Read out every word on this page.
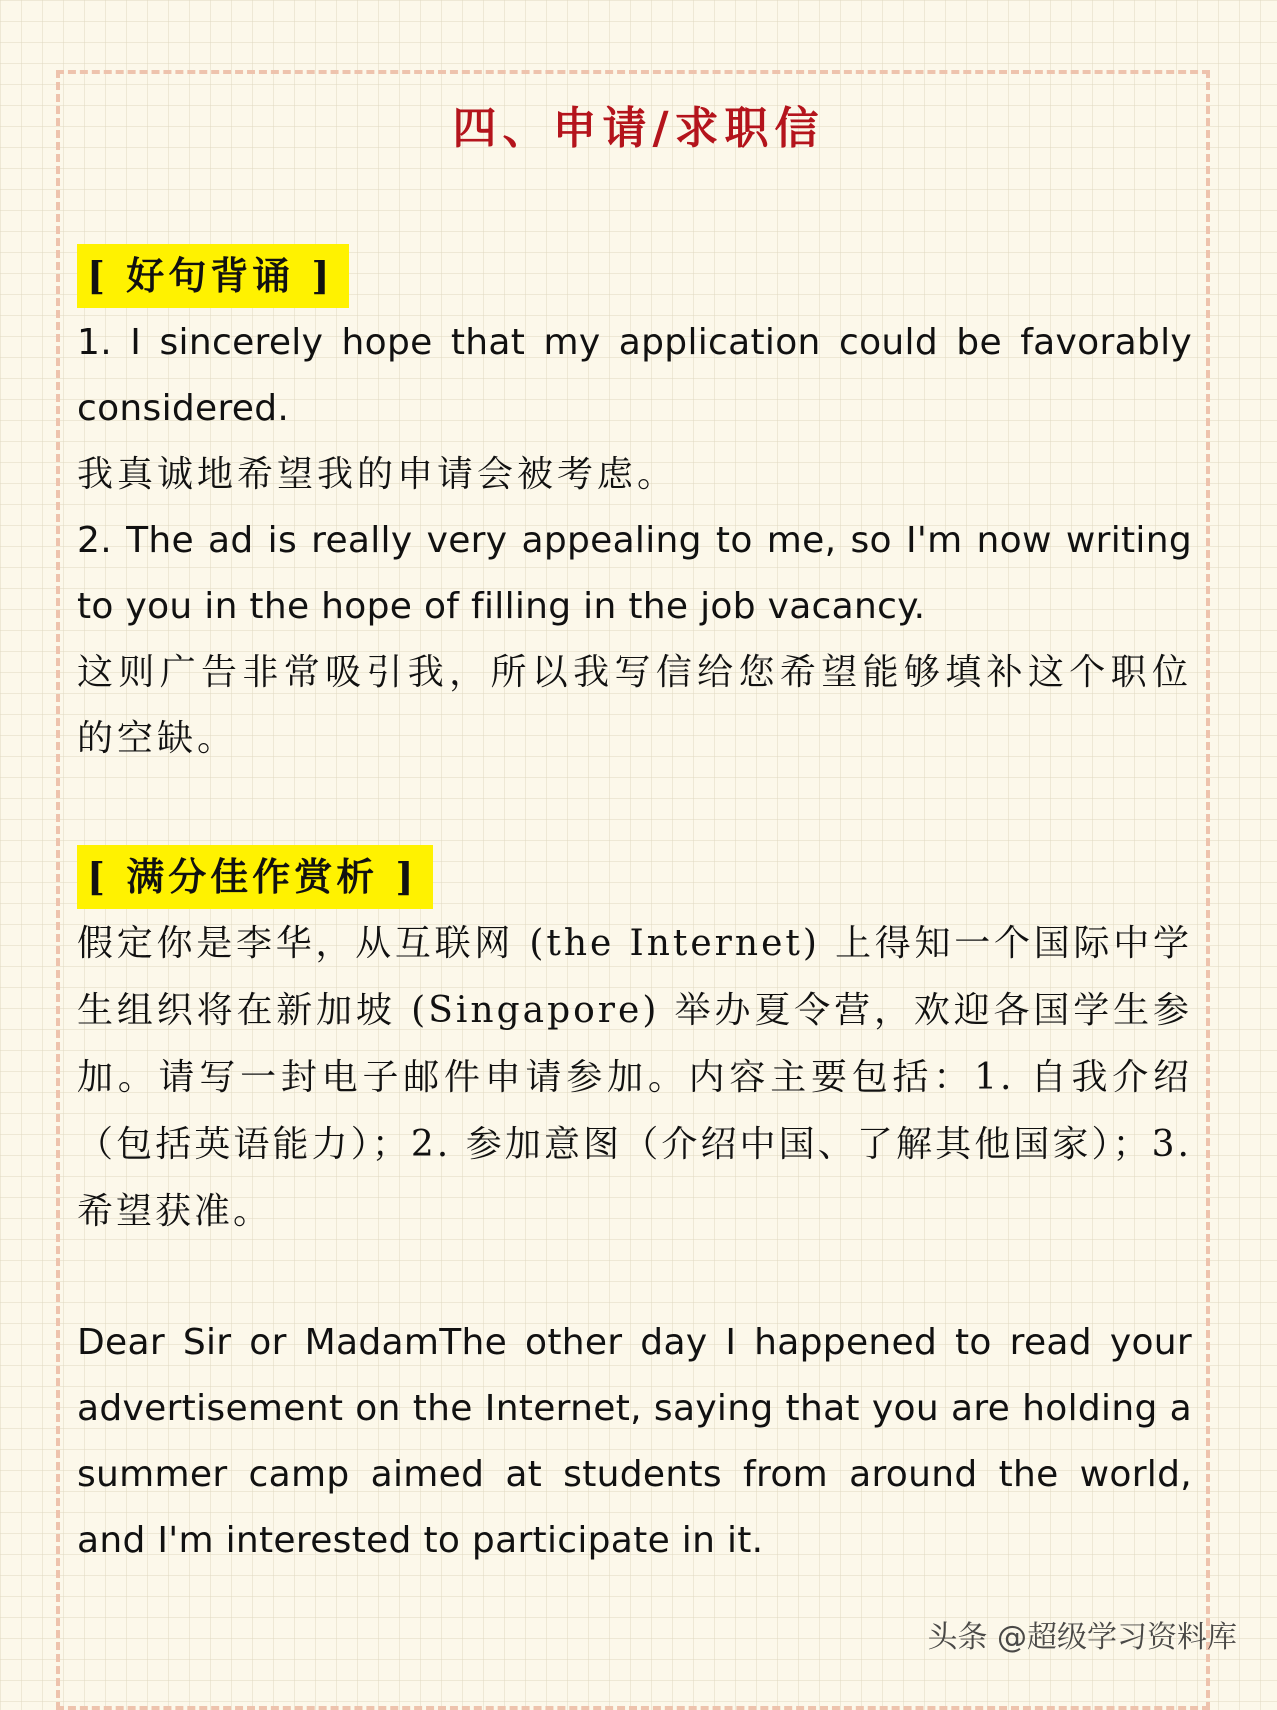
四、申请/求职信
[ 好句背诵 ]
1. I sincerely hope that my application could be favorably considered.
我真诚地希望我的申请会被考虑。
2. The ad is really very appealing to me, so I'm now writing to you in the hope of filling in the job vacancy.
这则广告非常吸引我，所以我写信给您希望能够填补这个职位的空缺。
[ 满分佳作赏析 ]
假定你是李华，从互联网 (the Internet) 上得知一个国际中学生组织将在新加坡 (Singapore) 举办夏令营，欢迎各国学生参加。请写一封电子邮件申请参加。内容主要包括：1. 自我介绍（包括英语能力）；2. 参加意图（介绍中国、了解其他国家）；3. 希望获准。
Dear Sir or MadamThe other day I happened to read your advertisement on the Internet, saying that you are holding a summer camp aimed at students from around the world, and I'm interested to participate in it.
头条 @超级学习资料库
